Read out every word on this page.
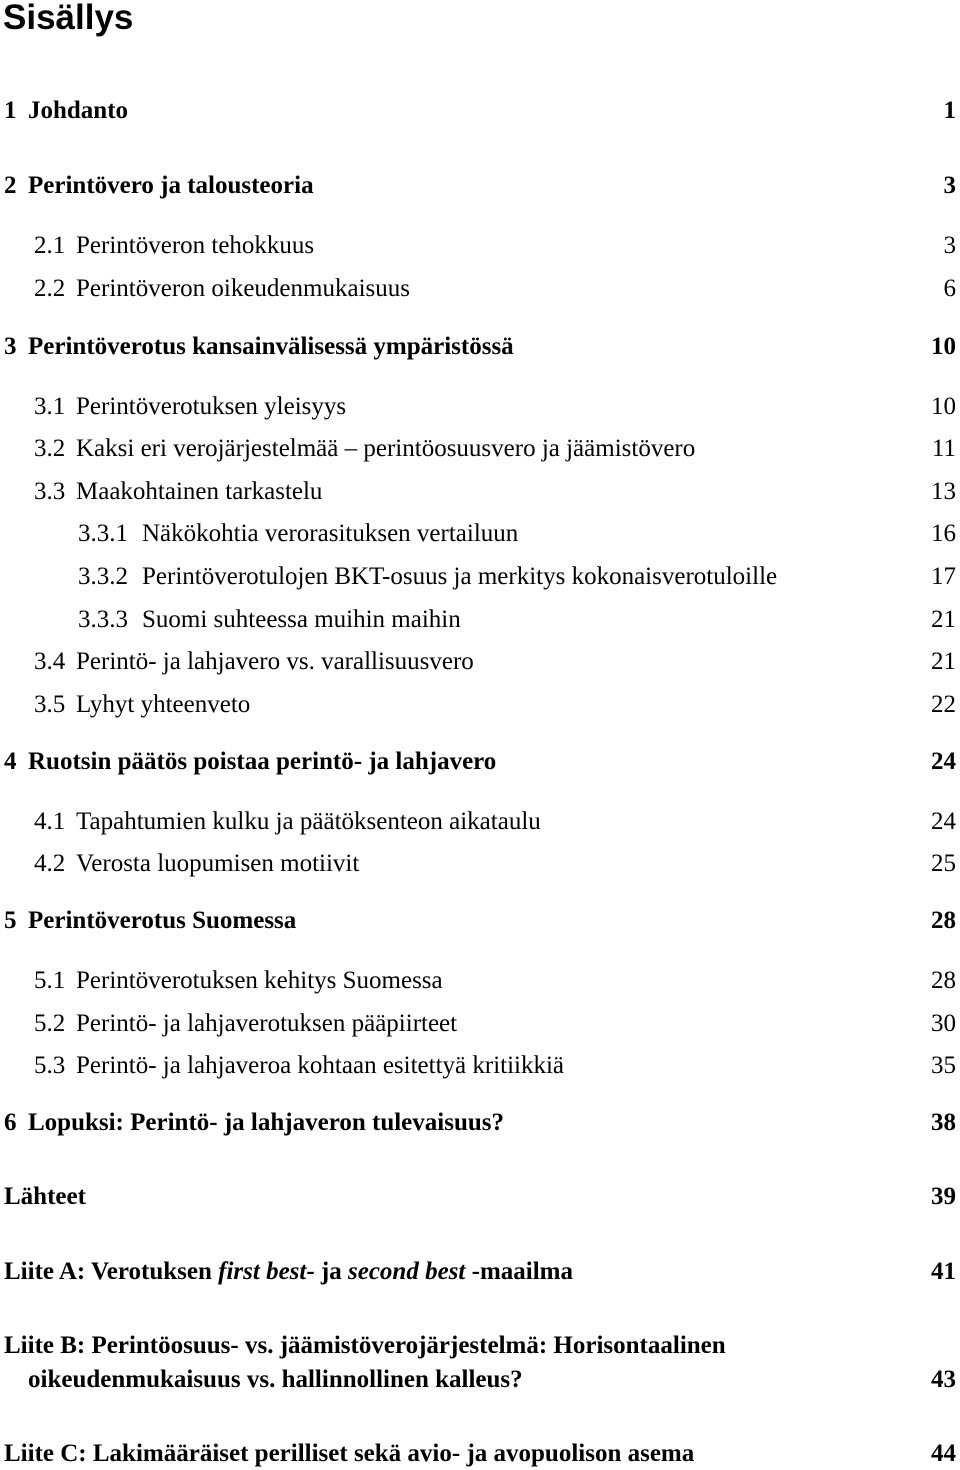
Sisällys
1 Johdanto	1
2 Perintövero ja talousteoria	3
2.1 Perintöveron tehokkuus	3
2.2 Perintöveron oikeudenmukaisuus	6
3 Perintöverotus kansainvälisessä ympäristössä	10
3.1 Perintöverotuksen yleisyys	10
3.2 Kaksi eri verojärjestelmää – perintöosuusvero ja jäämistövero	11
3.3 Maakohtainen tarkastelu	13
3.3.1 Näkökohtia verorasituksen vertailuun	16
3.3.2 Perintöverotulojen BKT-osuus ja merkitys kokonaisverotuloille	17
3.3.3 Suomi suhteessa muihin maihin	21
3.4 Perintö- ja lahjavero vs. varallisuusvero	21
3.5 Lyhyt yhteenveto	22
4 Ruotsin päätös poistaa perintö- ja lahjavero	24
4.1 Tapahtumien kulku ja päätöksenteon aikataulu	24
4.2 Verosta luopumisen motiivit	25
5 Perintöverotus Suomessa	28
5.1 Perintöverotuksen kehitys Suomessa	28
5.2 Perintö- ja lahjaverotuksen pääpiirteet	30
5.3 Perintö- ja lahjaveroa kohtaan esitettyä kritiikkiä	35
6 Lopuksi: Perintö- ja lahjaveron tulevaisuus?	38
Lähteet	39
Liite A: Verotuksen first best- ja second best -maailma	41
Liite B: Perintöosuus- vs. jäämistöverojärjestelmä: Horisontaalinen
oikeudenmukaisuus vs. hallinnollinen kalleus?	43
Liite C: Lakimääräiset perilliset sekä avio- ja avopuolison asema	44
